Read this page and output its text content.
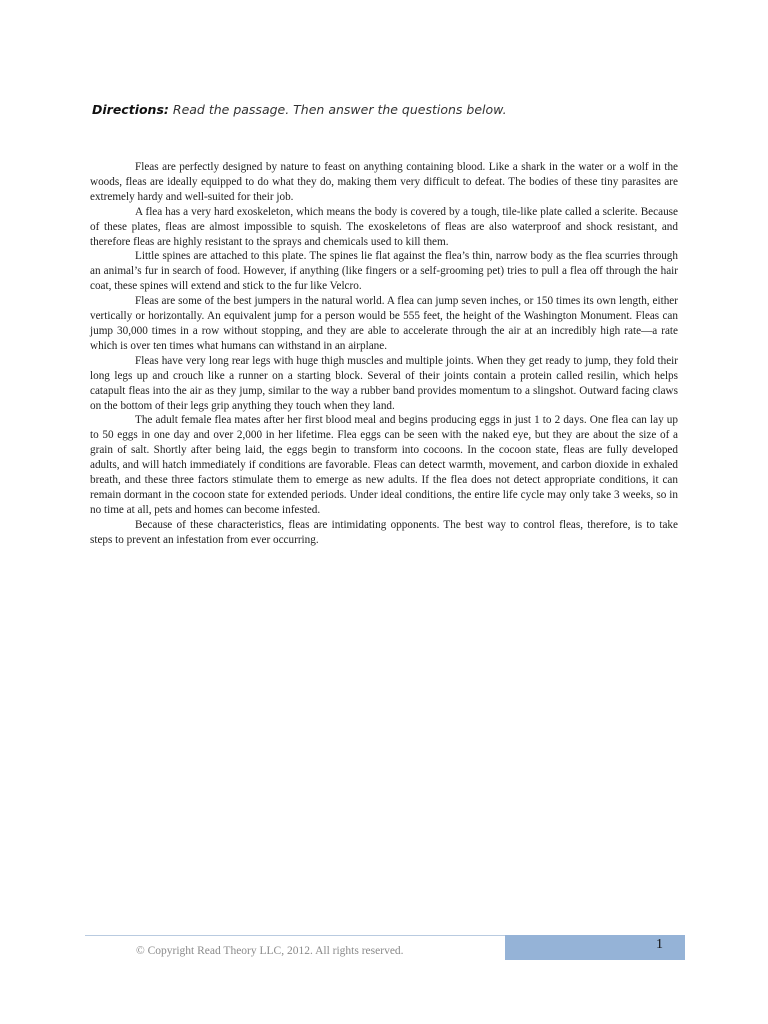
Directions: Read the passage. Then answer the questions below.

Fleas are perfectly designed by nature to feast on anything containing blood. Like a shark in the water or a wolf in the woods, fleas are ideally equipped to do what they do, making them very difficult to defeat. The bodies of these tiny parasites are extremely hardy and well-suited for their job.

A flea has a very hard exoskeleton, which means the body is covered by a tough, tile-like plate called a sclerite. Because of these plates, fleas are almost impossible to squish. The exoskeletons of fleas are also waterproof and shock resistant, and therefore fleas are highly resistant to the sprays and chemicals used to kill them.

Little spines are attached to this plate. The spines lie flat against the flea’s thin, narrow body as the flea scurries through an animal’s fur in search of food. However, if anything (like fingers or a self-grooming pet) tries to pull a flea off through the hair coat, these spines will extend and stick to the fur like Velcro.

Fleas are some of the best jumpers in the natural world. A flea can jump seven inches, or 150 times its own length, either vertically or horizontally. An equivalent jump for a person would be 555 feet, the height of the Washington Monument. Fleas can jump 30,000 times in a row without stopping, and they are able to accelerate through the air at an incredibly high rate—a rate which is over ten times what humans can withstand in an airplane.

Fleas have very long rear legs with huge thigh muscles and multiple joints. When they get ready to jump, they fold their long legs up and crouch like a runner on a starting block. Several of their joints contain a protein called resilin, which helps catapult fleas into the air as they jump, similar to the way a rubber band provides momentum to a slingshot. Outward facing claws on the bottom of their legs grip anything they touch when they land.

The adult female flea mates after her first blood meal and begins producing eggs in just 1 to 2 days. One flea can lay up to 50 eggs in one day and over 2,000 in her lifetime. Flea eggs can be seen with the naked eye, but they are about the size of a grain of salt. Shortly after being laid, the eggs begin to transform into cocoons. In the cocoon state, fleas are fully developed adults, and will hatch immediately if conditions are favorable. Fleas can detect warmth, movement, and carbon dioxide in exhaled breath, and these three factors stimulate them to emerge as new adults. If the flea does not detect appropriate conditions, it can remain dormant in the cocoon state for extended periods. Under ideal conditions, the entire life cycle may only take 3 weeks, so in no time at all, pets and homes can become infested.

Because of these characteristics, fleas are intimidating opponents. The best way to control fleas, therefore, is to take steps to prevent an infestation from ever occurring.

© Copyright Read Theory LLC, 2012. All rights reserved.	1
